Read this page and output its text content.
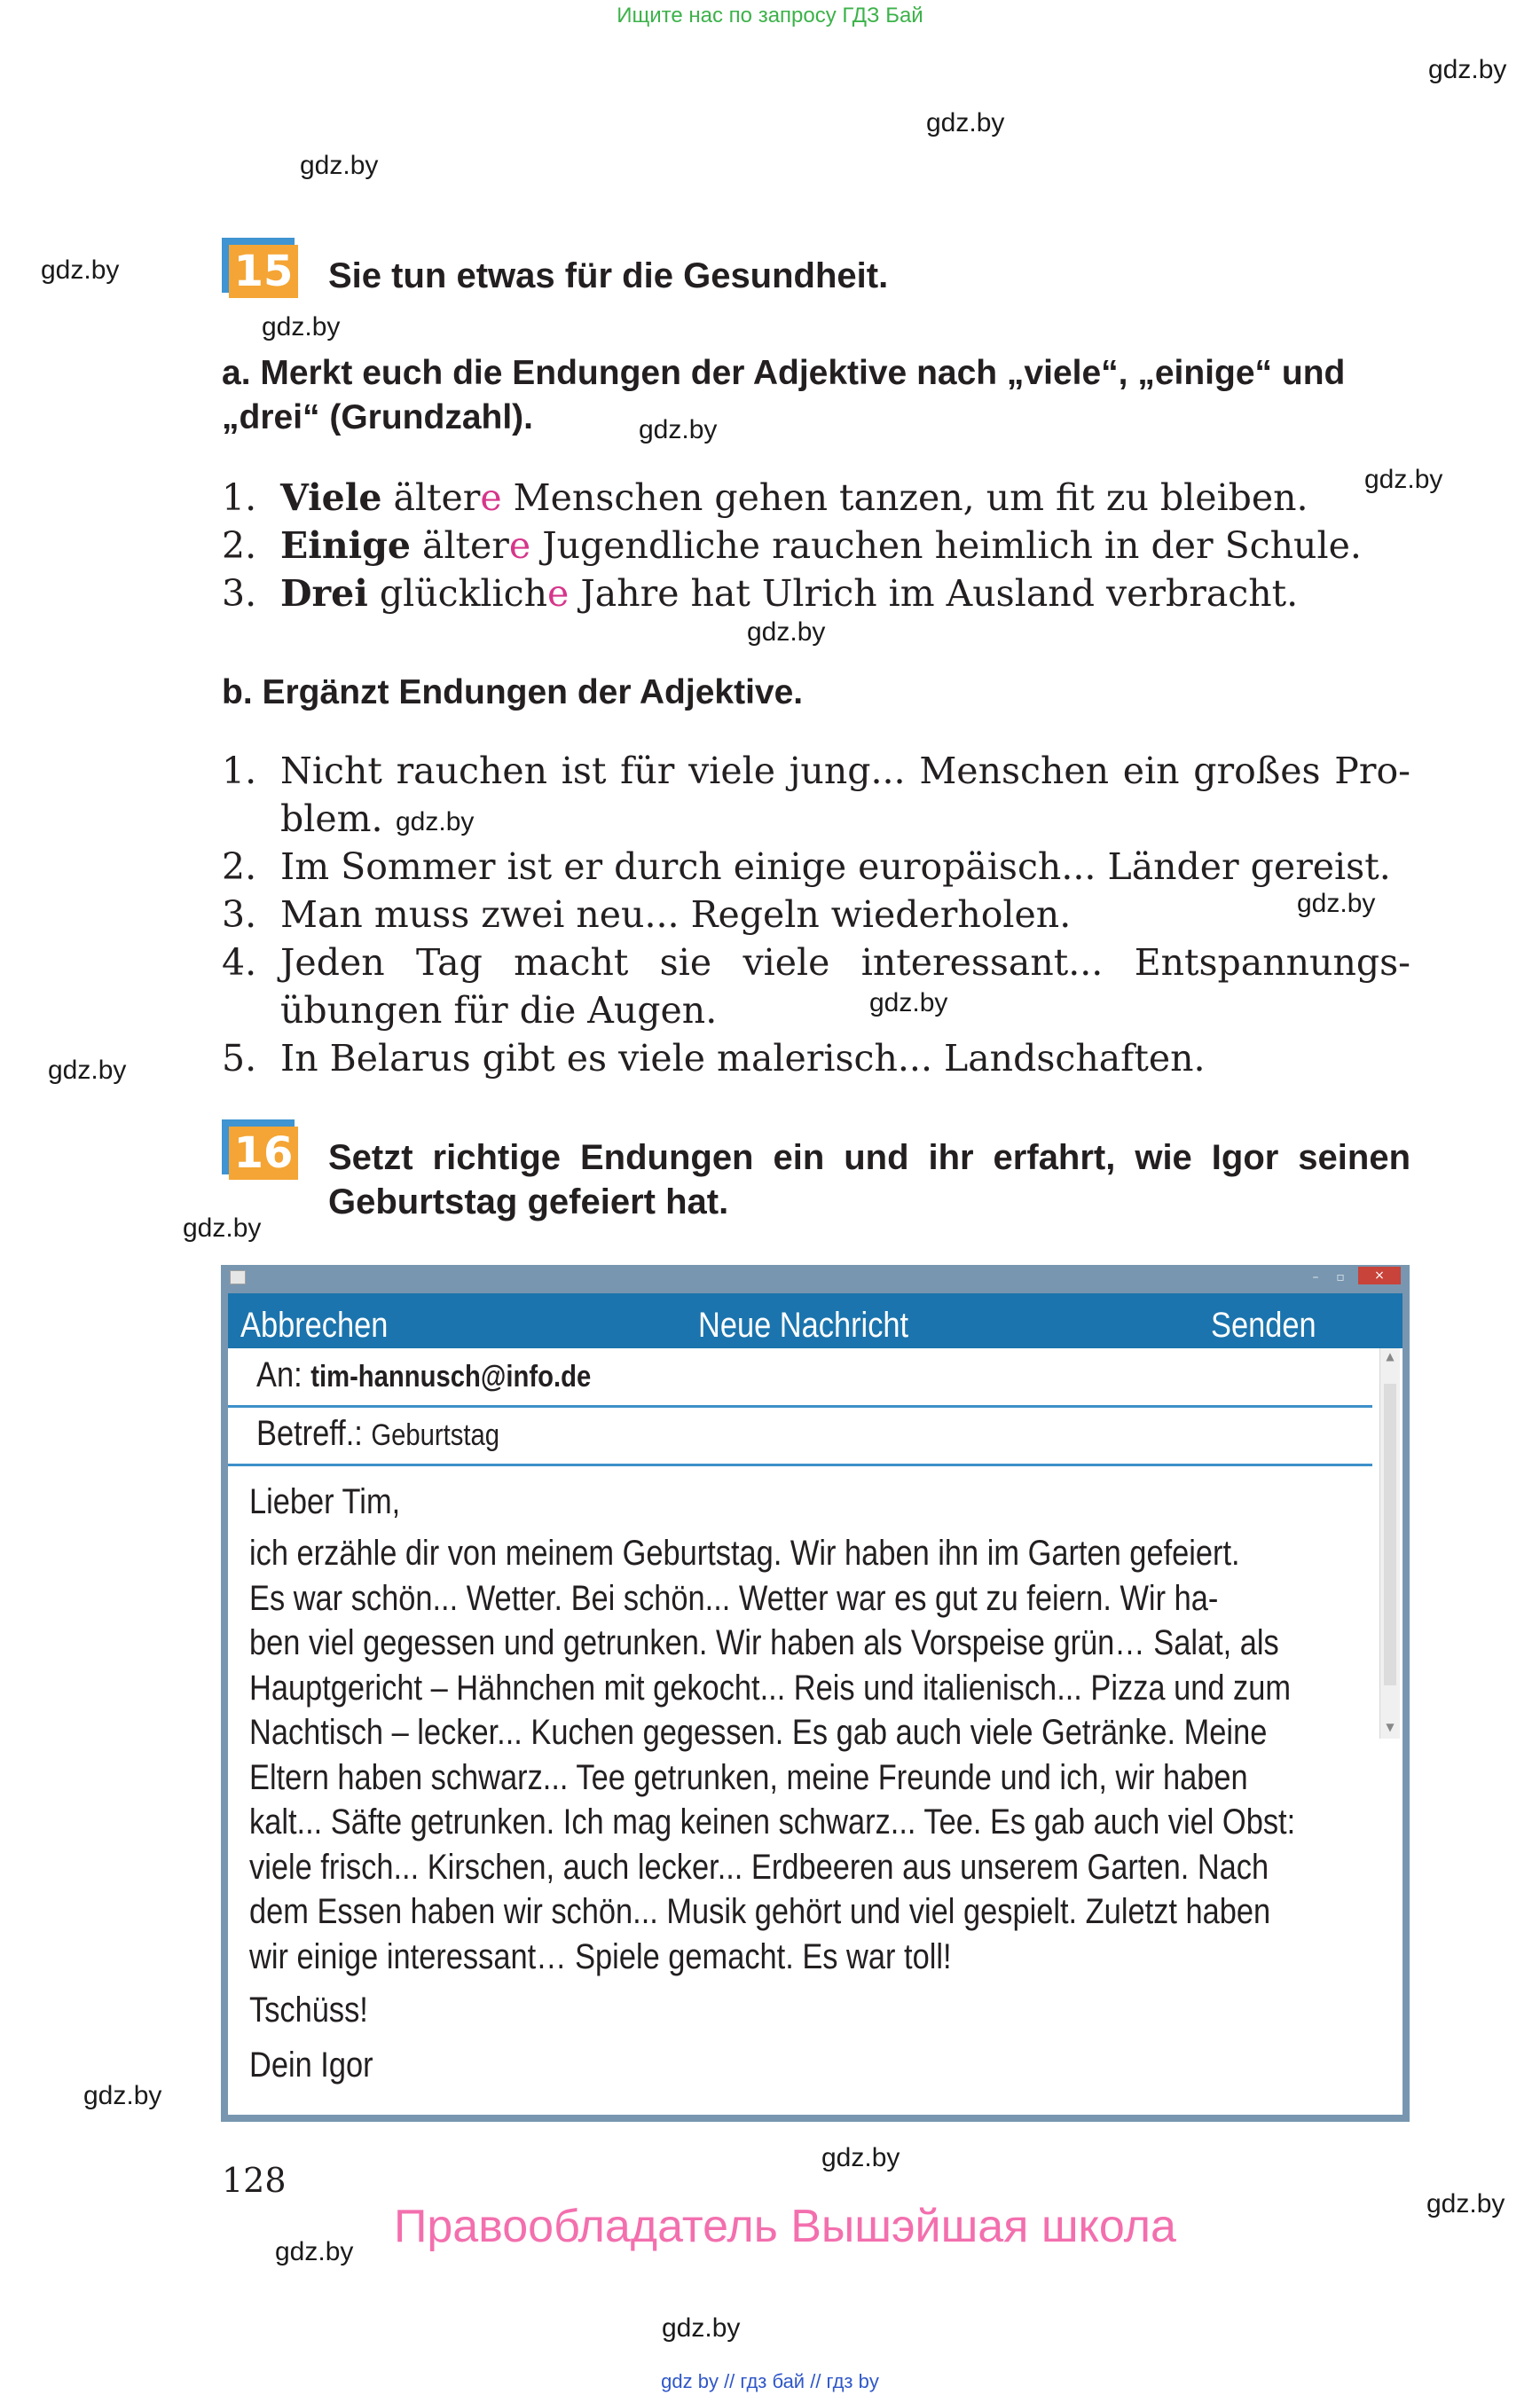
Ищите нас по запросу ГДЗ Бай
gdz.by
gdz.by
gdz.by
gdz.by
gdz.by
gdz.by
gdz.by
gdz.by
gdz.by
gdz.by
gdz.by
gdz.by
gdz.by
gdz.by
gdz.by
gdz.by
gdz.by
gdz.by
15 Sie tun etwas für die Gesundheit.
a. Merkt euch die Endungen der Adjektive nach „viele“, „einige“ und
„drei“ (Grundzahl).
1. Viele ältere Menschen gehen tanzen, um fit zu bleiben.
2. Einige ältere Jugendliche rauchen heimlich in der Schule.
3. Drei glückliche Jahre hat Ulrich im Ausland verbracht.
b. Ergänzt Endungen der Adjektive.
1. Nicht rauchen ist für viele jung... Menschen ein großes Pro-
blem.
2. Im Sommer ist er durch einige europäisch... Länder gereist.
3. Man muss zwei neu... Regeln wiederholen.
4. Jeden Tag macht sie viele interessant... Entspannungs-
übungen für die Augen.
5. In Belarus gibt es viele malerisch... Landschaften.
16 Setzt richtige Endungen ein und ihr erfahrt, wie Igor seinen
Geburtstag gefeiert hat.
–	▫	×
Abbrechen	Neue Nachricht	Senden
An: tim-hannusch@info.de
Betreff.: Geburtstag
▲
▼
Lieber Tim,
ich erzähle dir von meinem Geburtstag. Wir haben ihn im Garten gefeiert.
Es war schön... Wetter. Bei schön... Wetter war es gut zu feiern. Wir ha-
ben viel gegessen und getrunken. Wir haben als Vorspeise grün… Salat, als
Hauptgericht – Hähnchen mit gekocht... Reis und italienisch... Pizza und zum
Nachtisch – lecker... Kuchen gegessen. Es gab auch viele Getränke. Meine
Eltern haben schwarz... Tee getrunken, meine Freunde und ich, wir haben
kalt... Säfte getrunken. Ich mag keinen schwarz... Tee. Es gab auch viel Obst:
viele frisch... Kirschen, auch lecker... Erdbeeren aus unserem Garten. Nach
dem Essen haben wir schön... Musik gehört und viel gespielt. Zuletzt haben
wir einige interessant… Spiele gemacht. Es war toll!
Tschüss!
Dein Igor
128
Правообладатель Вышэйшая школа
gdz by // гдз бай // гдз by
